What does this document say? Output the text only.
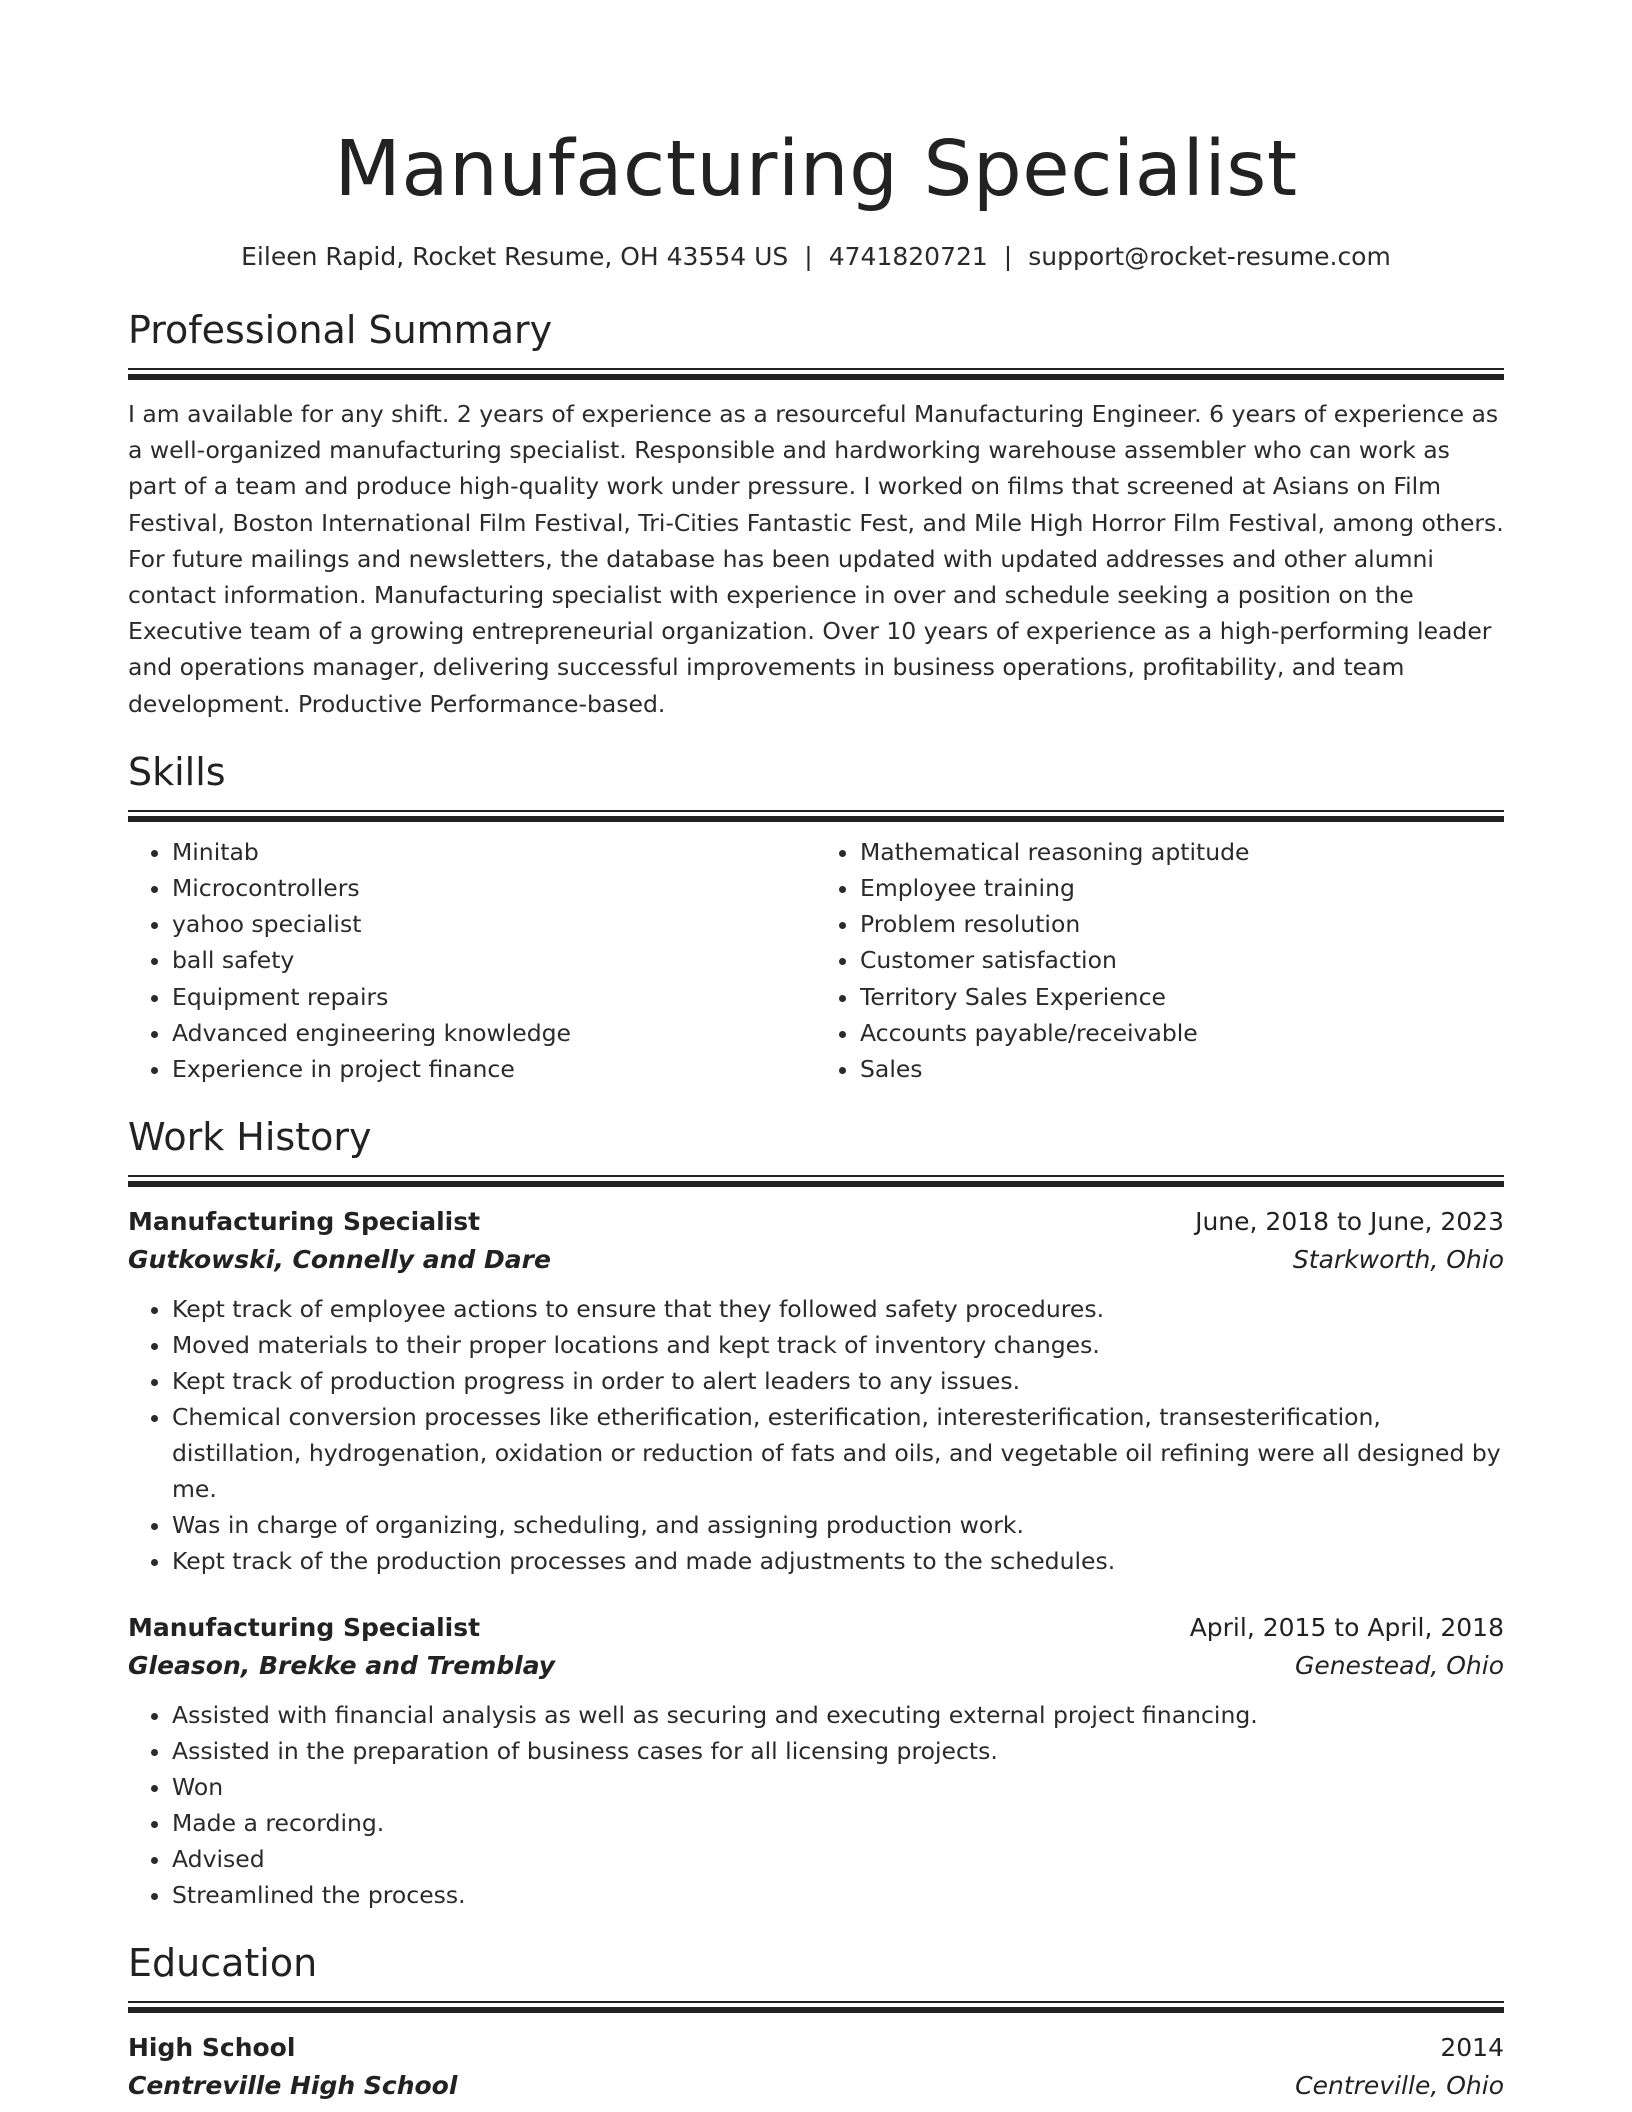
Manufacturing Specialist
Eileen Rapid, Rocket Resume, OH 43554 US | 4741820721 | support@rocket-resume.com
Professional Summary

I am available for any shift. 2 years of experience as a resourceful Manufacturing Engineer. 6 years of experience as a well-organized manufacturing specialist. Responsible and hardworking warehouse assembler who can work as part of a team and produce high-quality work under pressure. I worked on films that screened at Asians on Film Festival, Boston International Film Festival, Tri-Cities Fantastic Fest, and Mile High Horror Film Festival, among others. For future mailings and newsletters, the database has been updated with updated addresses and other alumni contact information. Manufacturing specialist with experience in over and schedule seeking a position on the Executive team of a growing entrepreneurial organization. Over 10 years of experience as a high-performing leader and operations manager, delivering successful improvements in business operations, profitability, and team development. Productive Performance-based.

Skills
• Minitab
• Microcontrollers
• yahoo specialist
• ball safety
• Equipment repairs
• Advanced engineering knowledge
• Experience in project finance
• Mathematical reasoning aptitude
• Employee training
• Problem resolution
• Customer satisfaction
• Territory Sales Experience
• Accounts payable/receivable
• Sales
Work History
Manufacturing Specialist	June, 2018 to June, 2023
Gutkowski, Connelly and Dare	Starkworth, Ohio
• Kept track of employee actions to ensure that they followed safety procedures.
• Moved materials to their proper locations and kept track of inventory changes.
• Kept track of production progress in order to alert leaders to any issues.
• Chemical conversion processes like etherification, esterification, interesterification, transesterification, distillation, hydrogenation, oxidation or reduction of fats and oils, and vegetable oil refining were all designed by me.
• Was in charge of organizing, scheduling, and assigning production work.
• Kept track of the production processes and made adjustments to the schedules.
Manufacturing Specialist	April, 2015 to April, 2018
Gleason, Brekke and Tremblay	Genestead, Ohio
• Assisted with financial analysis as well as securing and executing external project financing.
• Assisted in the preparation of business cases for all licensing projects.
• Won
• Made a recording.
• Advised
• Streamlined the process.
Education
High School	2014
Centreville High School	Centreville, Ohio
